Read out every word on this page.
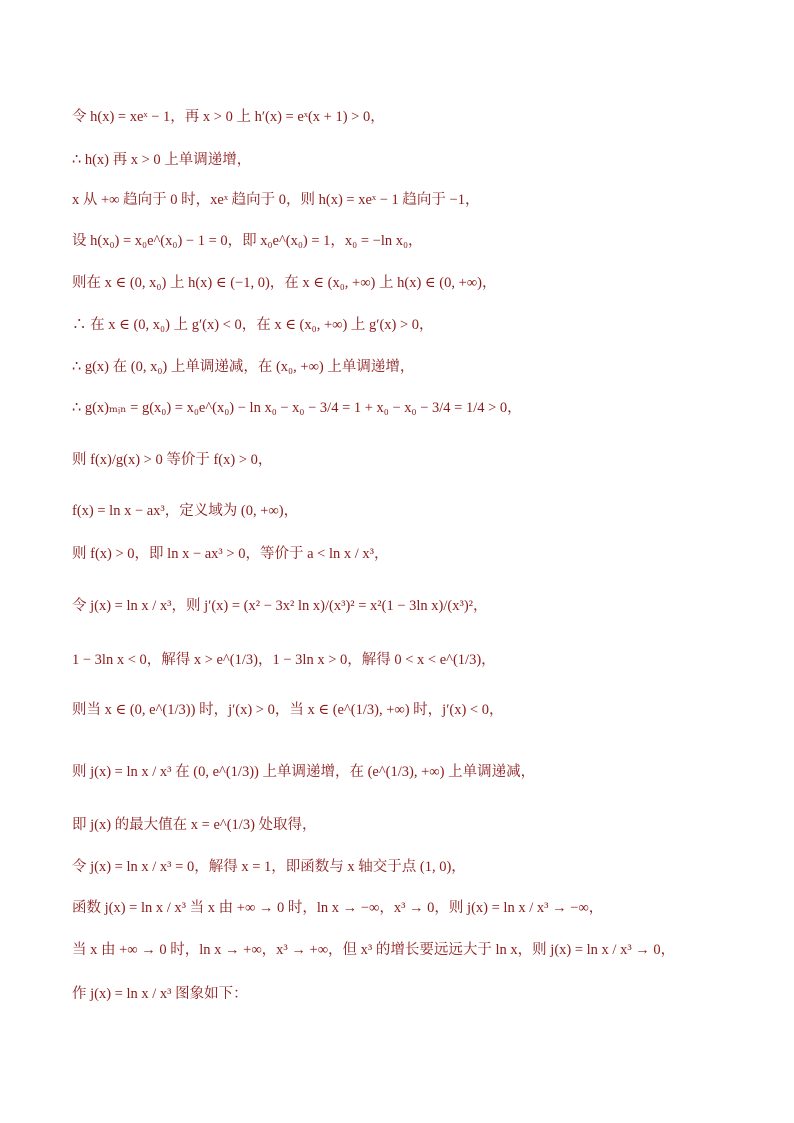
令 h(x) = xeˣ − 1，再 x > 0 上 h′(x) = eˣ(x + 1) > 0，
∴ h(x) 再 x > 0 上单调递增，
x 从 +∞ 趋向于 0 时，xeˣ 趋向于 0，则 h(x) = xeˣ − 1 趋向于 −1，
设 h(x₀) = x₀e^(x₀) − 1 = 0，即 x₀e^(x₀) = 1，x₀ = −ln x₀，
则在 x ∈ (0, x₀) 上 h(x) ∈ (−1, 0)，在 x ∈ (x₀, +∞) 上 h(x) ∈ (0, +∞)，
∴ 在 x ∈ (0, x₀) 上 g′(x) < 0，在 x ∈ (x₀, +∞) 上 g′(x) > 0，
∴ g(x) 在 (0, x₀) 上单调递减，在 (x₀, +∞) 上单调递增，
∴ g(x)ₘᵢₙ = g(x₀) = x₀e^(x₀) − ln x₀ − x₀ − 3/4 = 1 + x₀ − x₀ − 3/4 = 1/4 > 0，
则 f(x)/g(x) > 0 等价于 f(x) > 0，
f(x) = ln x − ax³，定义域为 (0, +∞)，
则 f(x) > 0，即 ln x − ax³ > 0，等价于 a < ln x / x³，
令 j(x) = ln x / x³，则 j′(x) = (x² − 3x² ln x)/(x³)² = x²(1 − 3ln x)/(x³)²，
1 − 3ln x < 0，解得 x > e^(1/3)，1 − 3ln x > 0，解得 0 < x < e^(1/3)，
则当 x ∈ (0, e^(1/3)) 时，j′(x) > 0，当 x ∈ (e^(1/3), +∞) 时，j′(x) < 0，
则 j(x) = ln x / x³ 在 (0, e^(1/3)) 上单调递增，在 (e^(1/3), +∞) 上单调递减，
即 j(x) 的最大值在 x = e^(1/3) 处取得，
令 j(x) = ln x / x³ = 0，解得 x = 1，即函数与 x 轴交于点 (1, 0)，
函数 j(x) = ln x / x³ 当 x 由 +∞ → 0 时，ln x → −∞，x³ → 0，则 j(x) = ln x / x³ → −∞，
当 x 由 +∞ → 0 时，ln x → +∞，x³ → +∞，但 x³ 的增长要远远大于 ln x，则 j(x) = ln x / x³ → 0，
作 j(x) = ln x / x³ 图象如下：
